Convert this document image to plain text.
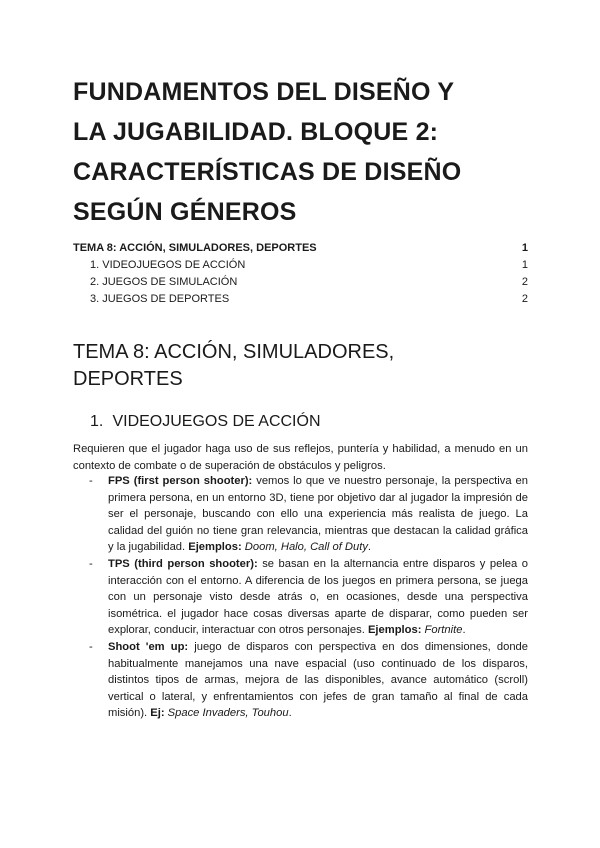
FUNDAMENTOS DEL DISEÑO Y
LA JUGABILIDAD. BLOQUE 2:
CARACTERÍSTICAS DE DISEÑO
SEGÚN GÉNEROS
TEMA 8: ACCIÓN, SIMULADORES, DEPORTES	1
1. VIDEOJUEGOS DE ACCIÓN	1
2. JUEGOS DE SIMULACIÓN	2
3. JUEGOS DE DEPORTES	2
TEMA 8: ACCIÓN, SIMULADORES,
DEPORTES
1. VIDEOJUEGOS DE ACCIÓN

Requieren que el jugador haga uso de sus reflejos, puntería y habilidad, a menudo en un contexto de combate o de superación de obstáculos y peligros.

- FPS (first person shooter): vemos lo que ve nuestro personaje, la perspectiva en primera persona, en un entorno 3D, tiene por objetivo dar al jugador la impresión de ser el personaje, buscando con ello una experiencia más realista de juego. La calidad del guión no tiene gran relevancia, mientras que destacan la calidad gráfica y la jugabilidad. Ejemplos: Doom, Halo, Call of Duty.
- TPS (third person shooter): se basan en la alternancia entre disparos y pelea o interacción con el entorno. A diferencia de los juegos en primera persona, se juega con un personaje visto desde atrás o, en ocasiones, desde una perspectiva isométrica. el jugador hace cosas diversas aparte de disparar, como pueden ser explorar, conducir, interactuar con otros personajes. Ejemplos: Fortnite.
- Shoot 'em up: juego de disparos con perspectiva en dos dimensiones, donde habitualmente manejamos una nave espacial (uso continuado de los disparos, distintos tipos de armas, mejora de las disponibles, avance automático (scroll) vertical o lateral, y enfrentamientos con jefes de gran tamaño al final de cada misión). Ej: Space Invaders, Touhou.
